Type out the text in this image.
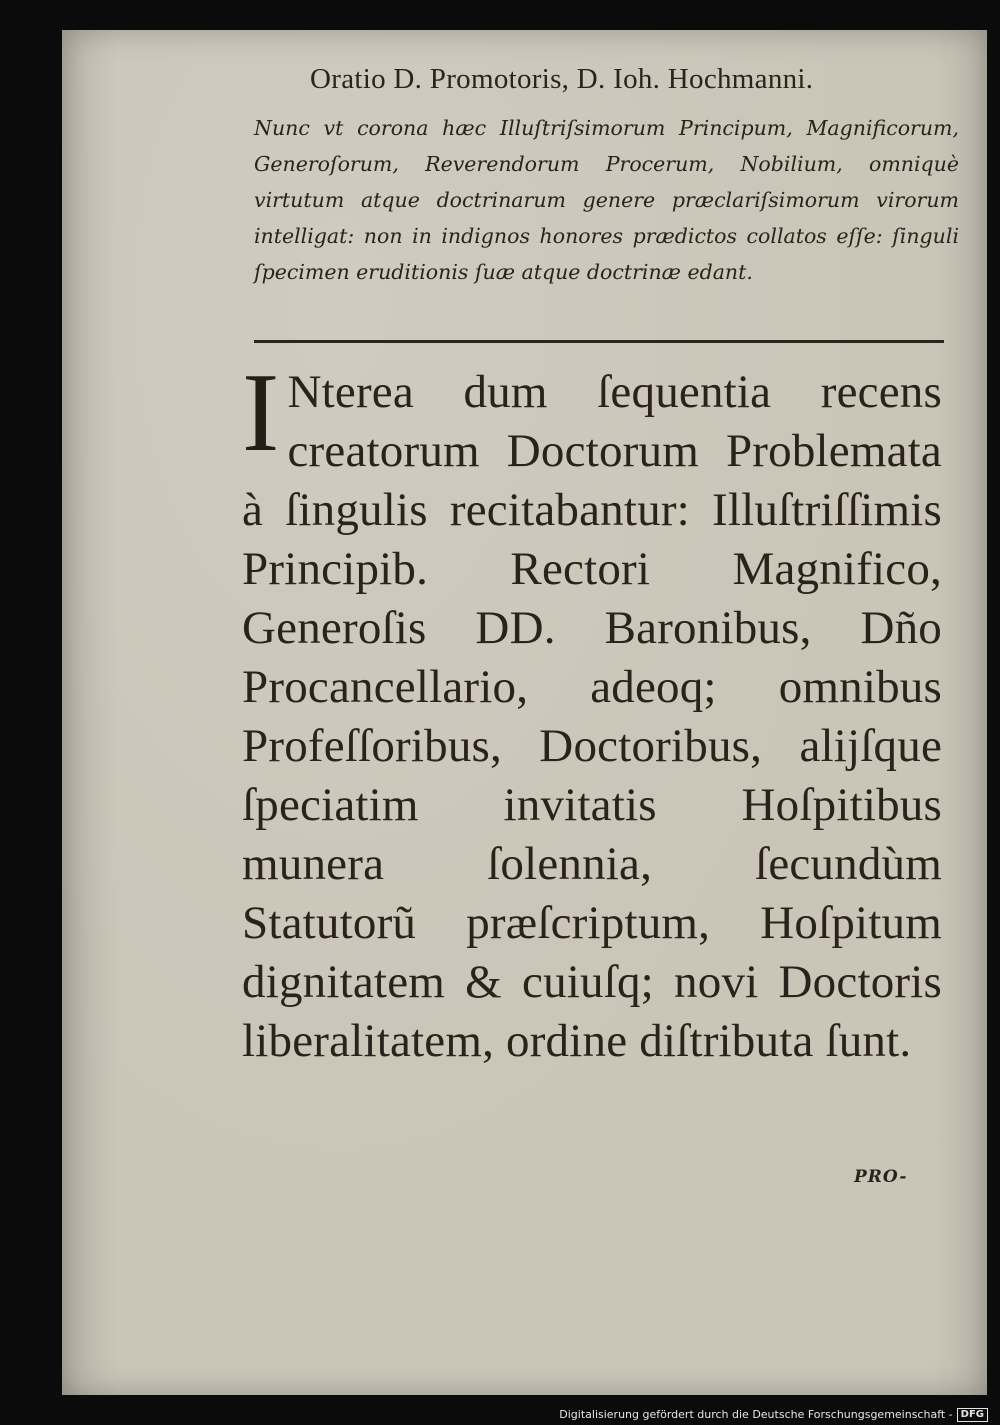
Oratio D. Promotoris, D. Ioh. Hochmanni.
Nunc vt corona hæc Illuſtriſsimorum Principum, Magnificorum, Generoſorum, Reverendorum Procerum, Nobilium, omniquè virtutum atque doctrinarum genere præclariſsimorum virorum intelligat: non in indignos honores prædictos collatos eſſe: ſinguli ſpecimen eruditionis ſuæ atque doctrinæ edant.
I Nterea dum ſequentia recens creatorum Doctorum Problemata à ſingulis recitabantur: Illuſtriſſimis Principib. Rectori Magnifico, Generoſis DD. Baronibus, Dño Procancellario, adeoq; omnibus Profeſſoribus, Doctoribus, alijſque ſpeciatim invitatis Hoſpitibus munera ſolennia, ſecundùm Statutorũ præſcriptum, Hoſpitum dignitatem & cuiuſq; novi Doctoris liberalitatem, ordine diſtributa ſunt.
PRO-
Digitalisierung gefördert durch die Deutsche Forschungsgemeinschaft - DFG
